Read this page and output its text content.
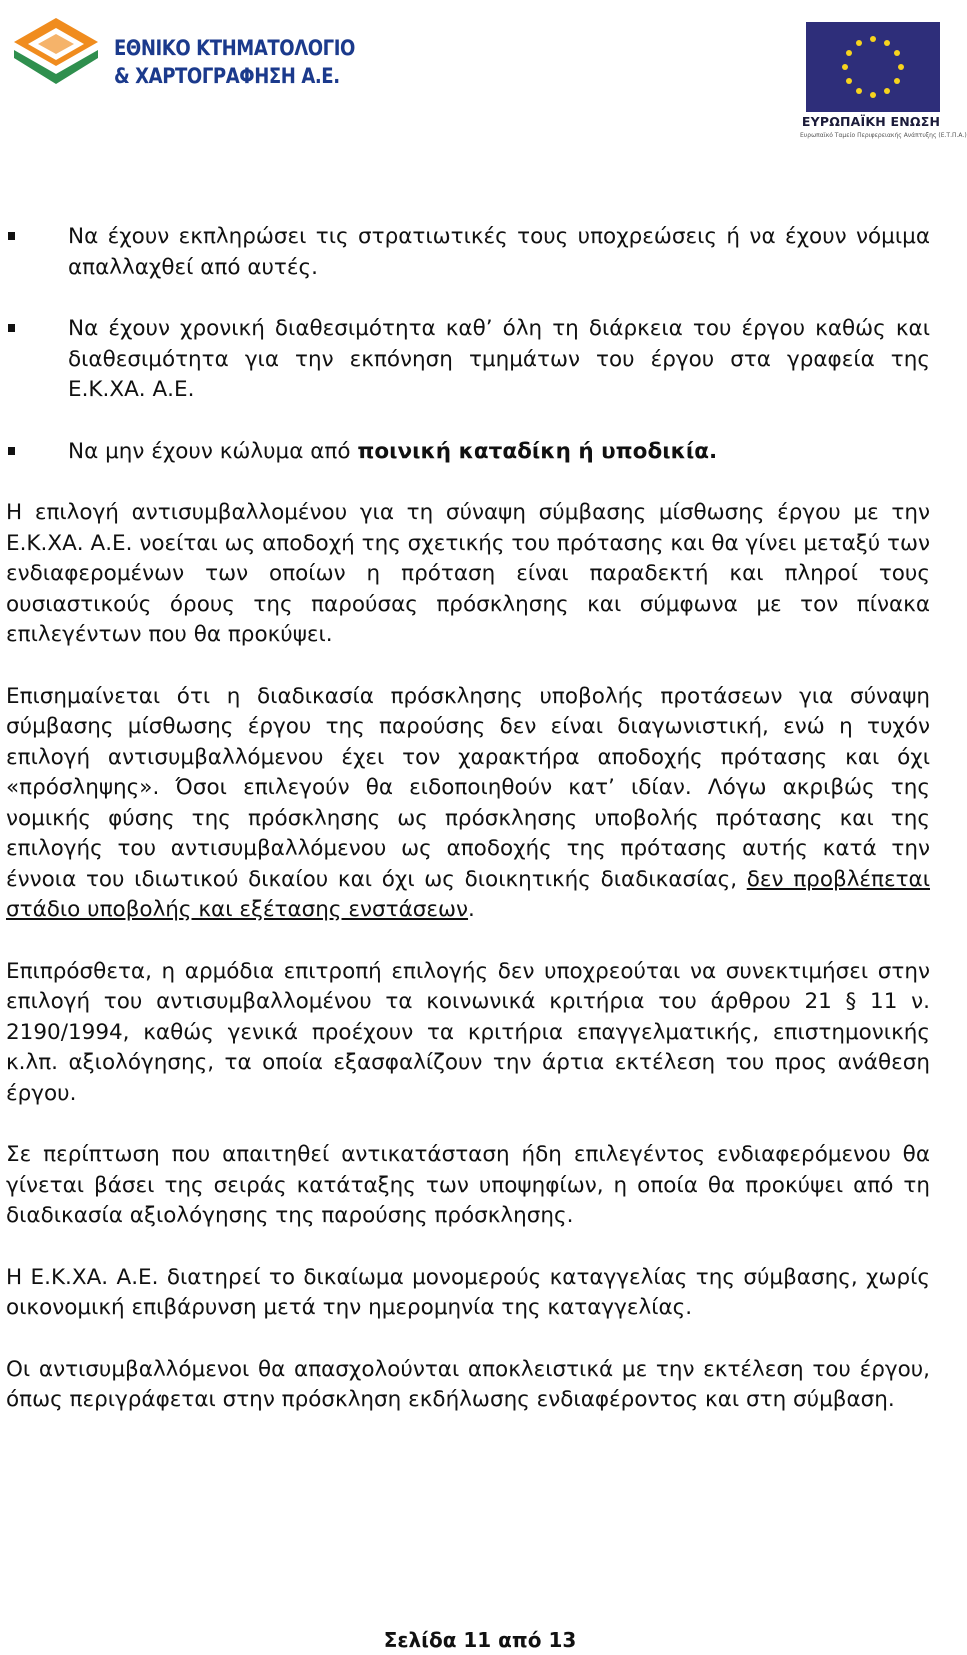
ΕΘΝΙΚΟ ΚΤΗΜΑΤΟΛΟΓΙΟ
& ΧΑΡΤΟΓΡΑΦΗΣΗ Α.Ε.
ΕΥΡΩΠΑΪΚΗ ΕΝΩΣΗ
Ευρωπαϊκό Ταμείο Περιφερειακής Ανάπτυξης (Ε.Τ.Π.Α.)
Να έχουν εκπληρώσει τις στρατιωτικές τους υποχρεώσεις ή να έχουν νόμιμα απαλλαχθεί από αυτές.
Να έχουν χρονική διαθεσιμότητα καθ’ όλη τη διάρκεια του έργου καθώς και διαθεσιμότητα για την εκπόνηση τμημάτων του έργου στα γραφεία της Ε.Κ.ΧΑ. Α.Ε.
Να μην έχουν κώλυμα από ποινική καταδίκη ή υποδικία.

Η επιλογή αντισυμβαλλομένου για τη σύναψη σύμβασης μίσθωσης έργου με την Ε.Κ.ΧΑ. Α.Ε. νοείται ως αποδοχή της σχετικής του πρότασης και θα γίνει μεταξύ των ενδιαφερομένων των οποίων η πρόταση είναι παραδεκτή και πληροί τους ουσιαστικούς όρους της παρούσας πρόσκλησης και σύμφωνα με τον πίνακα επιλεγέντων που θα προκύψει.

Επισημαίνεται ότι η διαδικασία πρόσκλησης υποβολής προτάσεων για σύναψη σύμβασης μίσθωσης έργου της παρούσης δεν είναι διαγωνιστική, ενώ η τυχόν επιλογή αντισυμβαλλόμενου έχει τον χαρακτήρα αποδοχής πρότασης και όχι «πρόσληψης». Όσοι επιλεγούν θα ειδοποιηθούν κατ’ ιδίαν. Λόγω ακριβώς της νομικής φύσης της πρόσκλησης ως πρόσκλησης υποβολής πρότασης και της επιλογής του αντισυμβαλλόμενου ως αποδοχής της πρότασης αυτής κατά την έννοια του ιδιωτικού δικαίου και όχι ως διοικητικής διαδικασίας, δεν προβλέπεται στάδιο υποβολής και εξέτασης ενστάσεων.

Επιπρόσθετα, η αρμόδια επιτροπή επιλογής δεν υποχρεούται να συνεκτιμήσει στην επιλογή του αντισυμβαλλομένου τα κοινωνικά κριτήρια του άρθρου 21 § 11 ν. 2190/1994, καθώς γενικά προέχουν τα κριτήρια επαγγελματικής, επιστημονικής κ.λπ. αξιολόγησης, τα οποία εξασφαλίζουν την άρτια εκτέλεση του προς ανάθεση έργου.

Σε περίπτωση που απαιτηθεί αντικατάσταση ήδη επιλεγέντος ενδιαφερόμενου θα γίνεται βάσει της σειράς κατάταξης των υποψηφίων, η οποία θα προκύψει από τη διαδικασία αξιολόγησης της παρούσης πρόσκλησης.

Η Ε.Κ.ΧΑ. Α.Ε. διατηρεί το δικαίωμα μονομερούς καταγγελίας της σύμβασης, χωρίς οικονομική επιβάρυνση μετά την ημερομηνία της καταγγελίας.

Οι αντισυμβαλλόμενοι θα απασχολούνται αποκλειστικά με την εκτέλεση του έργου, όπως περιγράφεται στην πρόσκληση εκδήλωσης ενδιαφέροντος και στη σύμβαση.

Σελίδα 11 από 13
